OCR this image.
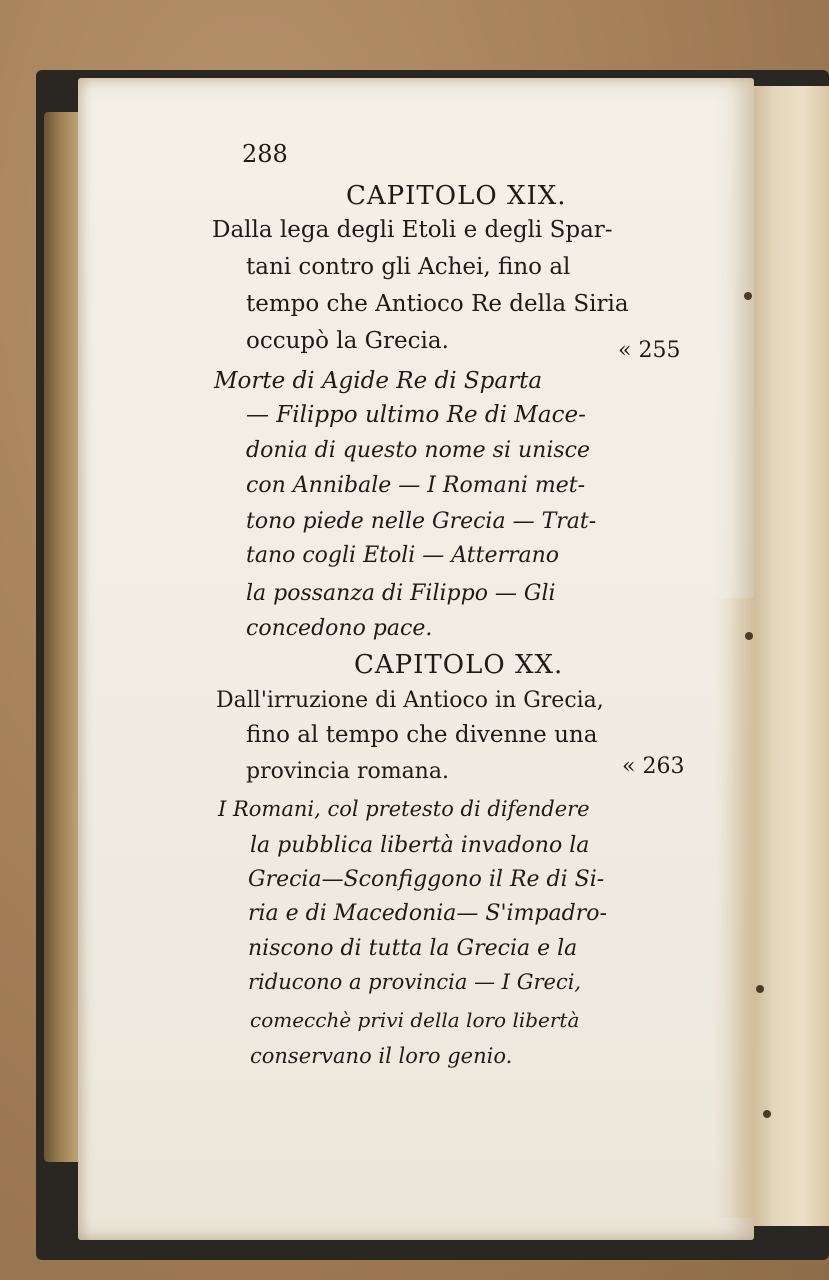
288
CAPITOLO XIX.
Dalla lega degli Etoli e degli Spar-
tani contro gli Achei, fino al
tempo che Antioco Re della Siria
occupò la Grecia.	« 255
Morte di Agide Re di Sparta
— Filippo ultimo Re di Mace-
donia di questo nome si unisce
con Annibale — I Romani met-
tono piede nelle Grecia — Trat-
tano cogli Etoli — Atterrano
la possanza di Filippo — Gli
concedono pace.
CAPITOLO XX.
Dall'irruzione di Antioco in Grecia,
fino al tempo che divenne una
provincia romana.	« 263
I Romani, col pretesto di difendere
la pubblica libertà invadono la
Grecia—Sconfiggono il Re di Si-
ria e di Macedonia— S'impadro-
niscono di tutta la Grecia e la
riducono a provincia — I Greci,
comecchè privi della loro libertà
conservano il loro genio.
